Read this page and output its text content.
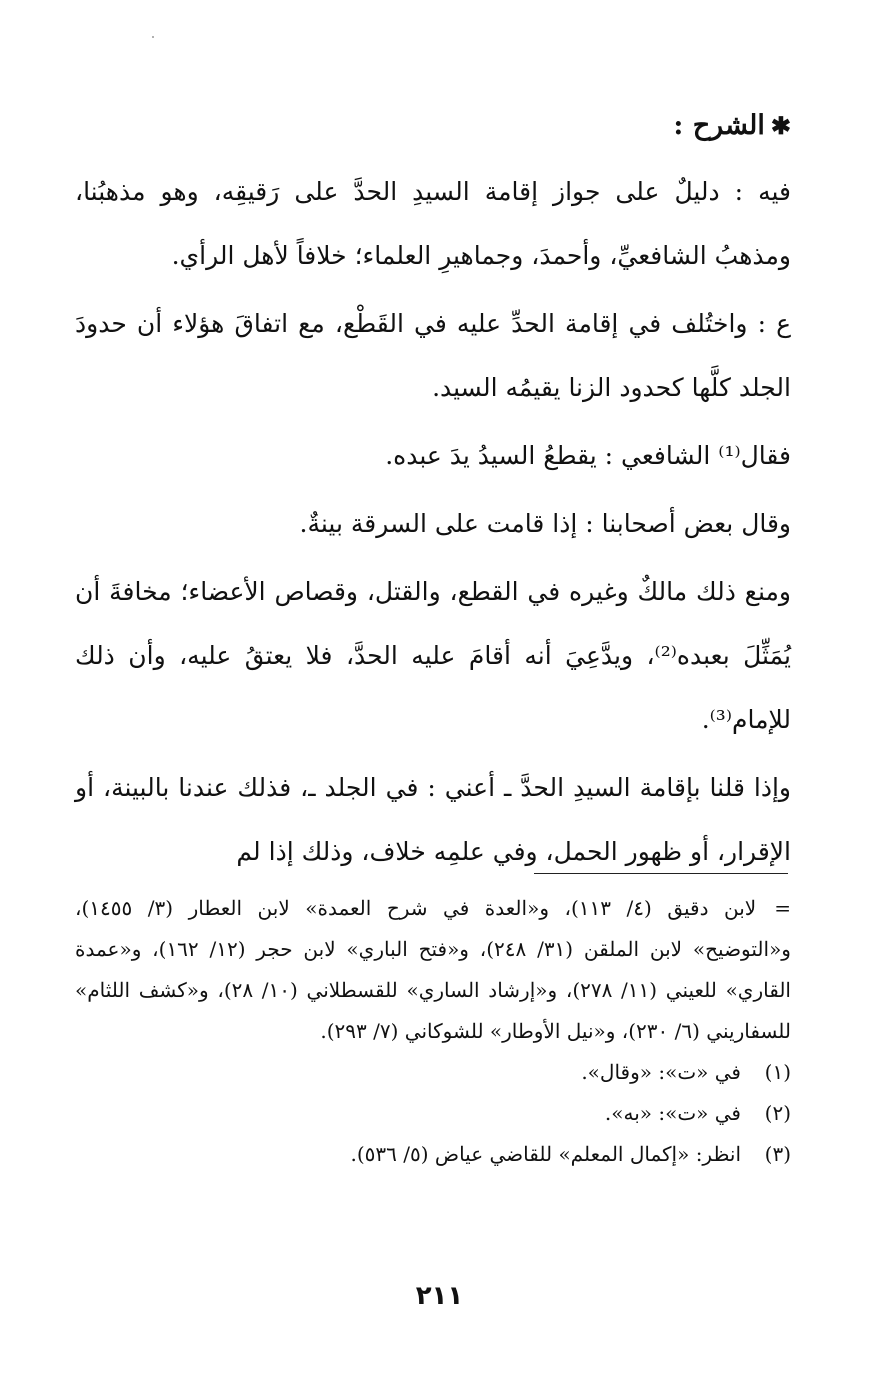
✱الشرح :

فيه : دليلٌ على جواز إقامة السيدِ الحدَّ على رَقيقِه، وهو مذهبُنا، ومذهبُ الشافعيِّ، وأحمدَ، وجماهيرِ العلماء؛ خلافاً لأهل الرأي.

ع : واختُلف في إقامة الحدِّ عليه في القَطْع، مع اتفاقَ هؤلاء أن حدودَ الجلد كلَّها كحدود الزنا يقيمُه السيد.

فقال⁽¹⁾ الشافعي : يقطعُ السيدُ يدَ عبده.

وقال بعض أصحابنا : إذا قامت على السرقة بينةٌ.

ومنع ذلك مالكٌ وغيره في القطع، والقتل، وقصاص الأعضاء؛ مخافةَ أن يُمَثِّلَ بعبده⁽²⁾، ويدَّعِيَ أنه أقامَ عليه الحدَّ، فلا يعتقُ عليه، وأن ذلك للإمام⁽³⁾.

وإذا قلنا بإقامة السيدِ الحدَّ ـ أعني : في الجلد ـ، فذلك عندنا بالبينة، أو الإقرار، أو ظهور الحمل، وفي علمِه خلاف، وذلك إذا لم

=لابن دقيق (٤/ ١١٣)، و«العدة في شرح العمدة» لابن العطار (٣/ ١٤٥٥)، و«التوضيح» لابن الملقن (٣١/ ٢٤٨)، و«فتح الباري» لابن حجر (١٢/ ١٦٢)، و«عمدة القاري» للعيني (١١/ ٢٧٨)، و«إرشاد الساري» للقسطلاني (١٠/ ٢٨)، و«كشف اللثام» للسفاريني (٦/ ٢٣٠)، و«نيل الأوطار» للشوكاني (٧/ ٢٩٣).

(١)في «ت»: «وقال».

(٢)في «ت»: «به».

(٣)انظر: «إكمال المعلم» للقاضي عياض (٥/ ٥٣٦).

٢١١
